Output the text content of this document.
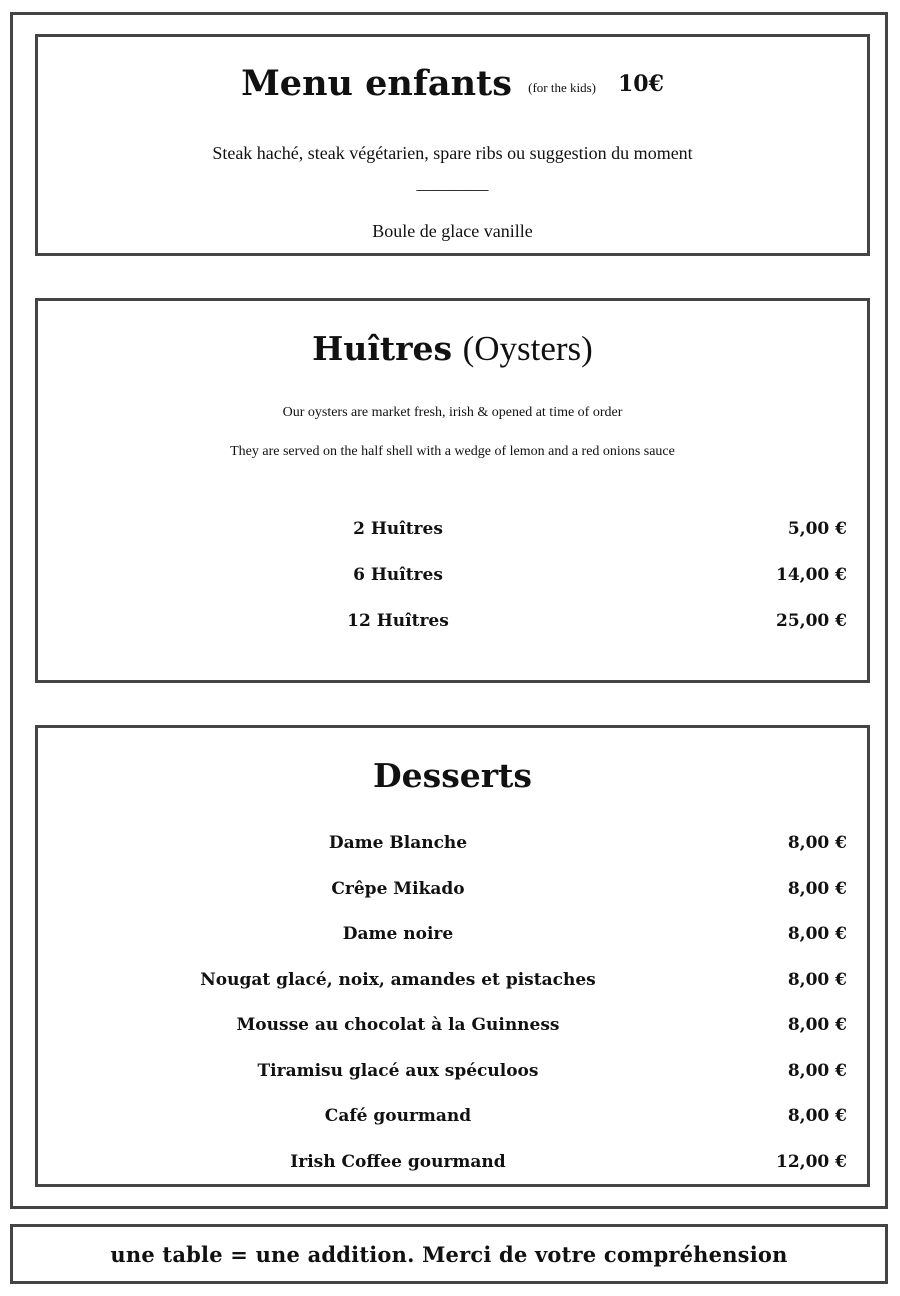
Menu enfants $^{(for the kids)}$ 10€
Steak haché, steak végétarien, spare ribs ou suggestion du moment
————
Boule de glace vanille
Huîtres (Oysters)
Our oysters are market fresh, irish & opened at time of order
They are served on the half shell with a wedge of lemon and a red onions sauce
2 Huîtres	5,00 €
6 Huîtres	14,00 €
12 Huîtres	25,00 €
Desserts
Dame Blanche	8,00 €
Crêpe Mikado	8,00 €
Dame noire	8,00 €
Nougat glacé, noix, amandes et pistaches	8,00 €
Mousse au chocolat à la Guinness	8,00 €
Tiramisu glacé aux spéculoos	8,00 €
Café gourmand	8,00 €
Irish Coffee gourmand	12,00 €
une table = une addition. Merci de votre compréhension
